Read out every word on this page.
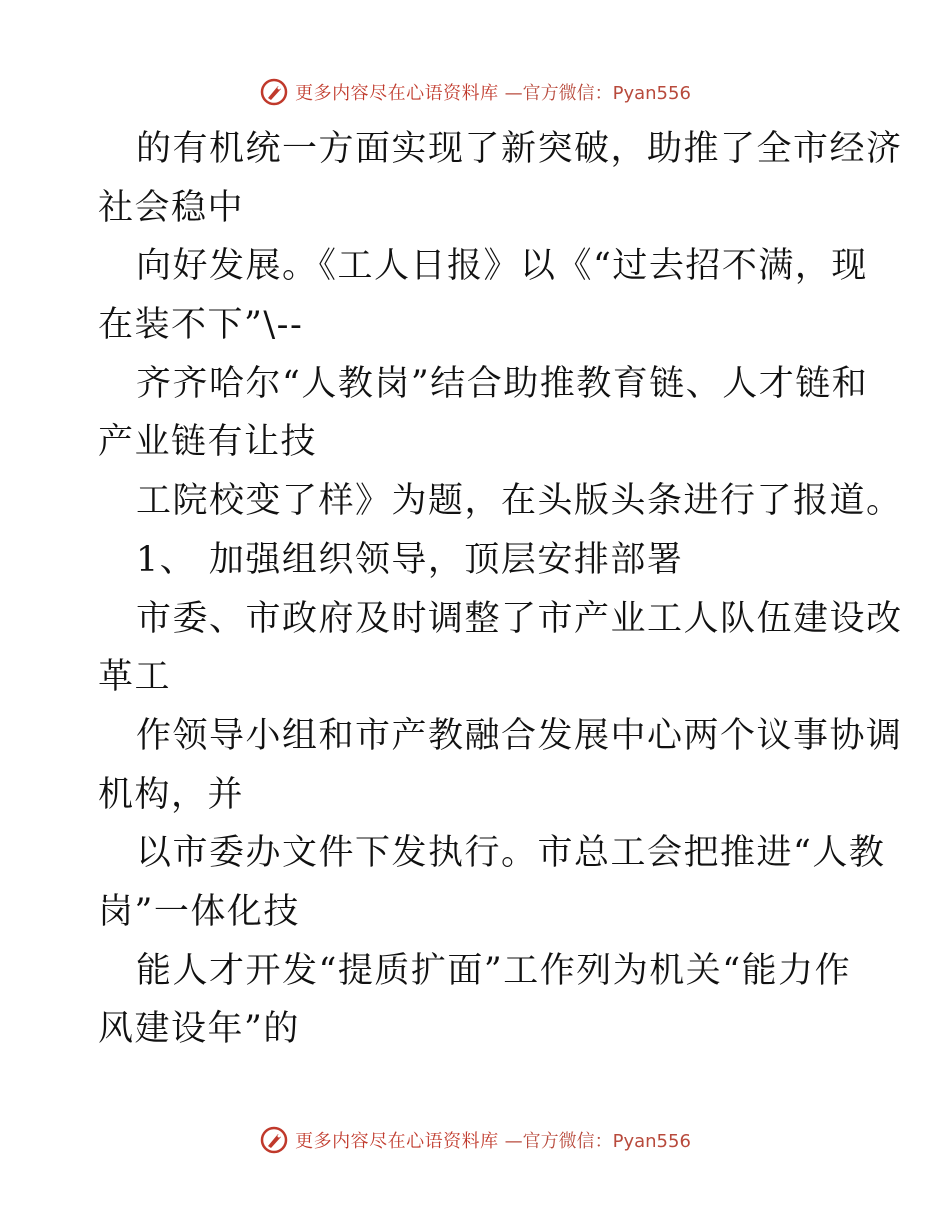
更多内容尽在心语资料库 —官方微信：Pyan556
的有机统一方面实现了新突破，助推了全市经济
社会稳中
向好发展。《工人日报》以《“过去招不满，现
在装不下”\--
齐齐哈尔“人教岗”结合助推教育链、人才链和
产业链有让技
工院校变了样》为题，在头版头条进行了报道。
1、 加强组织领导，顶层安排部署
市委、市政府及时调整了市产业工人队伍建设改
革工
作领导小组和市产教融合发展中心两个议事协调
机构，并
以市委办文件下发执行。市总工会把推进“人教
岗”一体化技
能人才开发“提质扩面”工作列为机关“能力作
风建设年”的
更多内容尽在心语资料库 —官方微信：Pyan556
